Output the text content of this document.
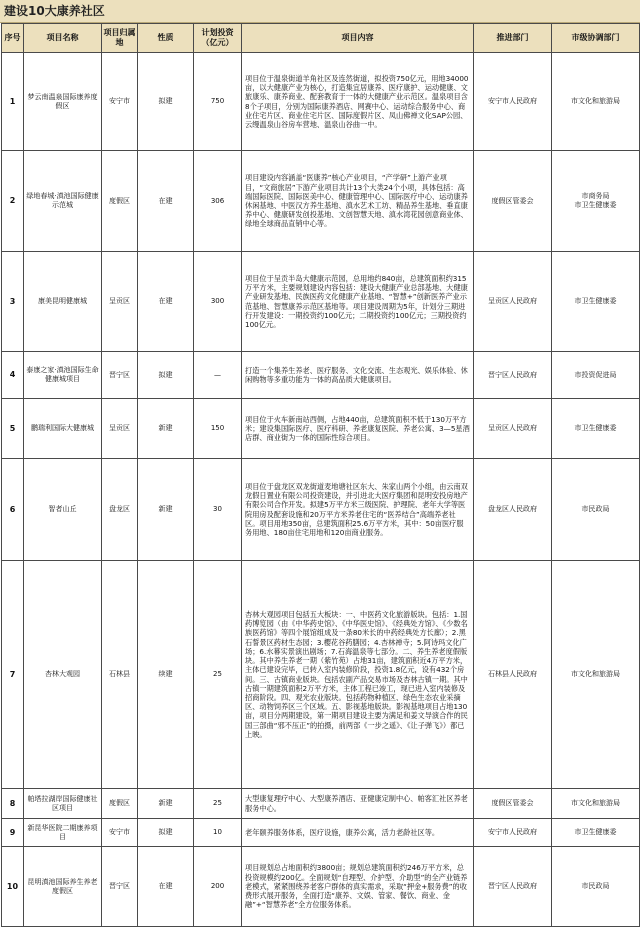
建设10大康养社区
序号	项目名称	项目归属地	性质	计划投资（亿元）	项目内容	推进部门	市级协调部门
1	梦云南温泉国际康养度假区	安宁市	拟建	750	项目位于温泉街道羊角社区及连然街道，拟投资750亿元，用地34000亩，以大健康产业为核心，打造集宜居康养、医疗康护、运动健康、文旅康乐、康养商业、配套教育于一体的大健康产业示范区。温泉项目含8个子项目，分别为国际康养酒店、网赛中心、运动综合服务中心、商业住宅片区、商业住宅片区、国际度假片区、凤山佛禅文化SAP公园、云缦温泉山谷房车营地、温泉山谷曲一中。	安宁市人民政府	市文化和旅游局
2	绿地春城·滇池国际健康示范城	度假区	在建	306	项目建设内容涵盖“医康养”核心产业项目，“产学研”上游产业项目，“文商旅居”下游产业项目共计13个大类24个小项，具体包括：高端国际医院、国际医美中心、健康管理中心、国际医疗中心、运动康养休闲基地、中医汉方养生基地、滇水艺术工坊、精品养生基地、垂直康养中心、健康研发创投基地、文创智慧天地、滇水湾花园创意商业体、绿地全球商品直销中心等。	度假区管委会	市商务局
市卫生健康委
3	康美昆明健康城	呈贡区	在建	300	项目位于呈贡半岛大健康示范园，总用地约840亩，总建筑面积约315万平方米，主要规划建设内容包括：建设大健康产业总部基地、大健康产业研发基地、民族医药文化健康产业基地、“智慧+”创新医养产业示范基地、智慧康养示范区基地等。项目建设周期为5年，计划分三期进行开发建设：一期投资约100亿元；二期投资约100亿元；三期投资约100亿元。	呈贡区人民政府	市卫生健康委
4	泰康之家·滇池国际生命健康城项目	晋宁区	拟建	—	打造一个集养生养老、医疗服务、文化交流、生态观光、娱乐体验、休闲购物等多重功能为一体的高品质大健康项目。	晋宁区人民政府	市投资促进局
5	鹏瑞利国际大健康城	呈贡区	新建	150	项目位于火车新南站西侧，占地440亩，总建筑面积不低于130万平方米；建设集国际医疗、医疗科研、养老康复医院、养老公寓、3—5星酒店群、商业街为一体的国际性综合项目。	呈贡区人民政府	市卫生健康委
6	智者山丘	盘龙区	新建	30	项目位于盘龙区双龙街道麦地塘社区东大、朱家山两个小组，由云南双龙假日置业有限公司投资建设，并引进北大医疗集团和昆明安投房地产有限公司合作开发。拟建5万平方米三级医院、护理院、老年大学等医院用房及配套设施和20万平方米养老住宅的“医养结合”高端养老社区。项目用地350亩，总建筑面积25.6万平方米，其中：50亩医疗服务用地、180亩住宅用地和120亩商业服务。	盘龙区人民政府	市民政局
7	杏林大观园	石林县	续建	25	杏林大观园项目包括五大板块：一、中医药文化旅游版块。包括：1.国药博览园（由《中华药史馆》、《中华医史馆》、《经典处方馆》、《少数名族医药馆》等四个展馆组成及一条80米长的中药经典处方长廊）；2.黑石誓景区药材生态园；3.樱花谷药膳园；4.杏林禅寺；5.阿诗玛文化广场；6.水幕实景演出剧场；7.石海温泉等七部分。二、养生养老度假版块。其中养生养老一期（紫竹苑）占地31亩，建筑面积近4万平方米，主体已建设完毕，已转入室内装修阶段，投资1.8亿元，设有432个房间。三、古镇商业版块。包括农副产品交易市场及杏林古镇一期。其中古镇一期建筑面积2万平方米，主体工程已竣工，现已进入室内装修及招商阶段。四、观光农业版块。包括药物种植区、绿色生态农业采摘区、动物饲养区三个区域。五、影视基地版块。影视基地项目占地130亩，项目分两期建设，第一期项目建设主要为满足和姜文导演合作的民国三部曲“邪不压正”的拍摄，前两部《一步之遥》、《让子弹飞》）都已上映。	石林县人民政府	市文化和旅游局
8	帕塔拉湖岸国际健康社区项目	度假区	新建	25	大型康复理疗中心、大型康养酒店、亚健康定制中心、帕客汇社区养老服务中心。	度假区管委会	市文化和旅游局
9	新昆华医院二期康养项目	安宁市	拟建	10	老年颐养服务体系，医疗设施，康养公寓，活力老龄社区等。	安宁市人民政府	市卫生健康委
10	昆明滇池国际养生养老度假区	晋宁区	在建	200	项目规划总占地面积约3800亩；规划总建筑面积约246万平方米，总投资规模约200亿。全面规划“自理型、介护型、介助型”的全产业链养老模式，紧紧围绕养老客户群体的真实需求，采取“押金+服务费”的收费形式展开服务，全面打造“康养、文娱、管家、餐饮、商业、金融”+“智慧养老”全方位服务体系。	晋宁区人民政府	市民政局
